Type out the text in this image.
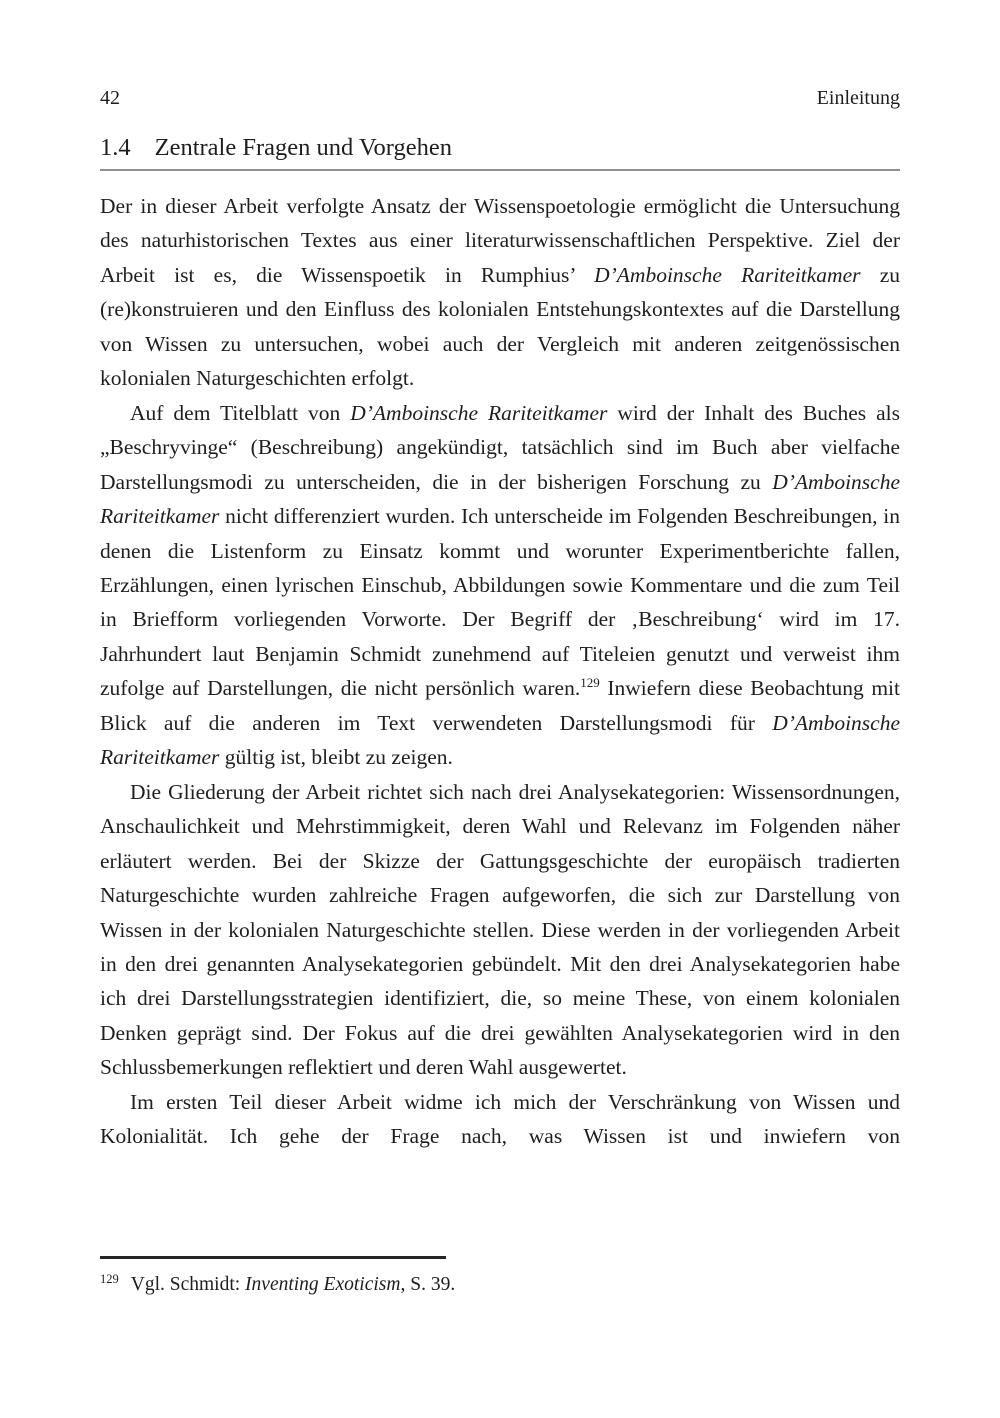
42	Einleitung
1.4 Zentrale Fragen und Vorgehen

Der in dieser Arbeit verfolgte Ansatz der Wissenspoetologie ermöglicht die Untersuchung des naturhistorischen Textes aus einer literaturwissenschaftlichen Perspektive. Ziel der Arbeit ist es, die Wissenspoetik in Rumphius’ D’Amboinsche Rariteitkamer zu (re)konstruieren und den Einfluss des kolonialen Entstehungskontextes auf die Darstellung von Wissen zu untersuchen, wobei auch der Vergleich mit anderen zeitgenössischen kolonialen Naturgeschichten erfolgt.

Auf dem Titelblatt von D’Amboinsche Rariteitkamer wird der Inhalt des Buches als „Beschryvinge“ (Beschreibung) angekündigt, tatsächlich sind im Buch aber vielfache Darstellungsmodi zu unterscheiden, die in der bisherigen Forschung zu D’Amboinsche Rariteitkamer nicht differenziert wurden. Ich unterscheide im Folgenden Beschreibungen, in denen die Listenform zu Einsatz kommt und worunter Experimentberichte fallen, Erzählungen, einen lyrischen Einschub, Abbildungen sowie Kommentare und die zum Teil in Briefform vorliegenden Vorworte. Der Begriff der ‚Beschreibung‘ wird im 17. Jahrhundert laut Benjamin Schmidt zunehmend auf Titeleien genutzt und verweist ihm zufolge auf Darstellungen, die nicht persönlich waren.$^{129}$ Inwiefern diese Beobachtung mit Blick auf die anderen im Text verwendeten Darstellungsmodi für D’Amboinsche Rariteitkamer gültig ist, bleibt zu zeigen.

Die Gliederung der Arbeit richtet sich nach drei Analysekategorien: Wissensordnungen, Anschaulichkeit und Mehrstimmigkeit, deren Wahl und Relevanz im Folgenden näher erläutert werden. Bei der Skizze der Gattungsgeschichte der europäisch tradierten Naturgeschichte wurden zahlreiche Fragen aufgeworfen, die sich zur Darstellung von Wissen in der kolonialen Naturgeschichte stellen. Diese werden in der vorliegenden Arbeit in den drei genannten Analysekategorien gebündelt. Mit den drei Analysekategorien habe ich drei Darstellungsstrategien identifiziert, die, so meine These, von einem kolonialen Denken geprägt sind. Der Fokus auf die drei gewählten Analysekategorien wird in den Schlussbemerkungen reflektiert und deren Wahl ausgewertet.

Im ersten Teil dieser Arbeit widme ich mich der Verschränkung von Wissen und Kolonialität. Ich gehe der Frage nach, was Wissen ist und inwiefern von

$^{129}$ Vgl. Schmidt: Inventing Exoticism, S. 39.
